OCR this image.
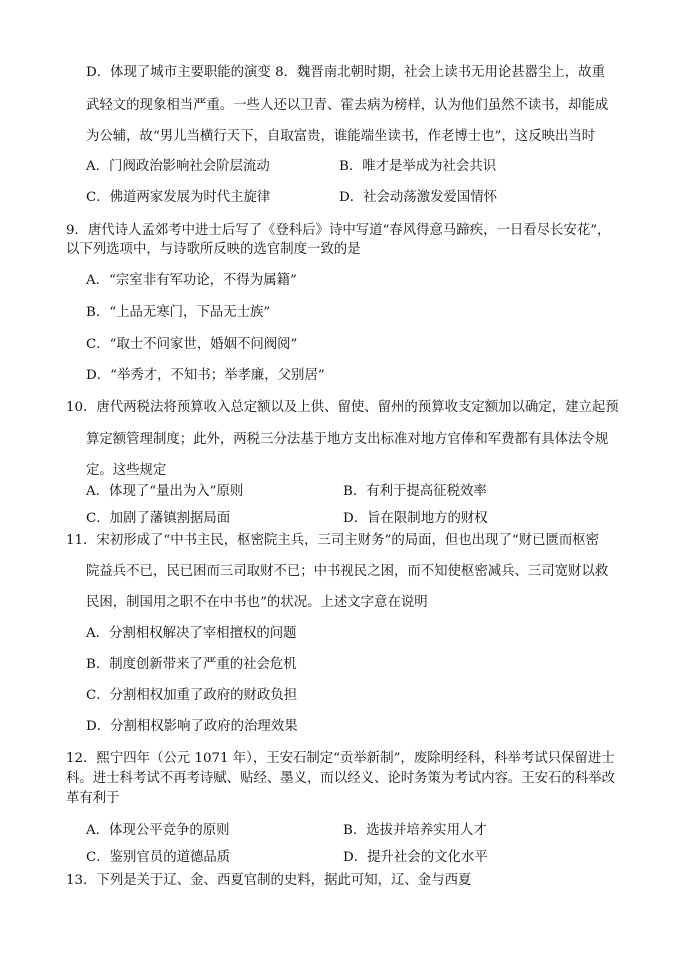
D．体现了城市主要职能的演变 8．魏晋南北朝时期，社会上读书无用论甚嚣尘上，故重
武轻文的现象相当严重。一些人还以卫青、霍去病为榜样，认为他们虽然不读书，却能成
为公辅，故“男儿当横行天下，自取富贵，谁能端坐读书，作老博士也”，这反映出当时
A．门阀政治影响社会阶层流动	B．唯才是举成为社会共识
C．佛道两家发展为时代主旋律	D．社会动荡激发爱国情怀
9．唐代诗人孟郊考中进士后写了《登科后》诗中写道“春风得意马蹄疾，一日看尽长安花”，
以下列选项中，与诗歌所反映的选官制度一致的是
A．“宗室非有军功论，不得为属籍”
B．“上品无寒门，下品无士族”
C．“取士不问家世，婚姻不问阀阅”
D．“举秀才，不知书；举孝廉，父别居”
10．唐代两税法将预算收入总定额以及上供、留使、留州的预算收支定额加以确定，建立起预
算定额管理制度；此外，两税三分法基于地方支出标准对地方官俸和军费都有具体法令规
定。这些规定
A．体现了“量出为入”原则	B．有利于提高征税效率
C．加剧了藩镇割据局面	D．旨在限制地方的财权
11．宋初形成了“中书主民，枢密院主兵，三司主财务”的局面，但也出现了“财已匮而枢密
院益兵不已，民已困而三司取财不已；中书视民之困，而不知使枢密减兵、三司宽财以救
民困，制国用之职不在中书也”的状况。上述文字意在说明
A．分割相权解决了宰相擅权的问题
B．制度创新带来了严重的社会危机
C．分割相权加重了政府的财政负担
D．分割相权影响了政府的治理效果
12．熙宁四年（公元 1071 年），王安石制定“贡举新制”，废除明经科，科举考试只保留进士
科。进士科考试不再考诗赋、贴经、墨义，而以经义、论时务策为考试内容。王安石的科举改
革有利于
A．体现公平竞争的原则	B．选拔并培养实用人才
C．鉴别官员的道德品质	D．提升社会的文化水平
13．下列是关于辽、金、西夏官制的史料，据此可知，辽、金与西夏
